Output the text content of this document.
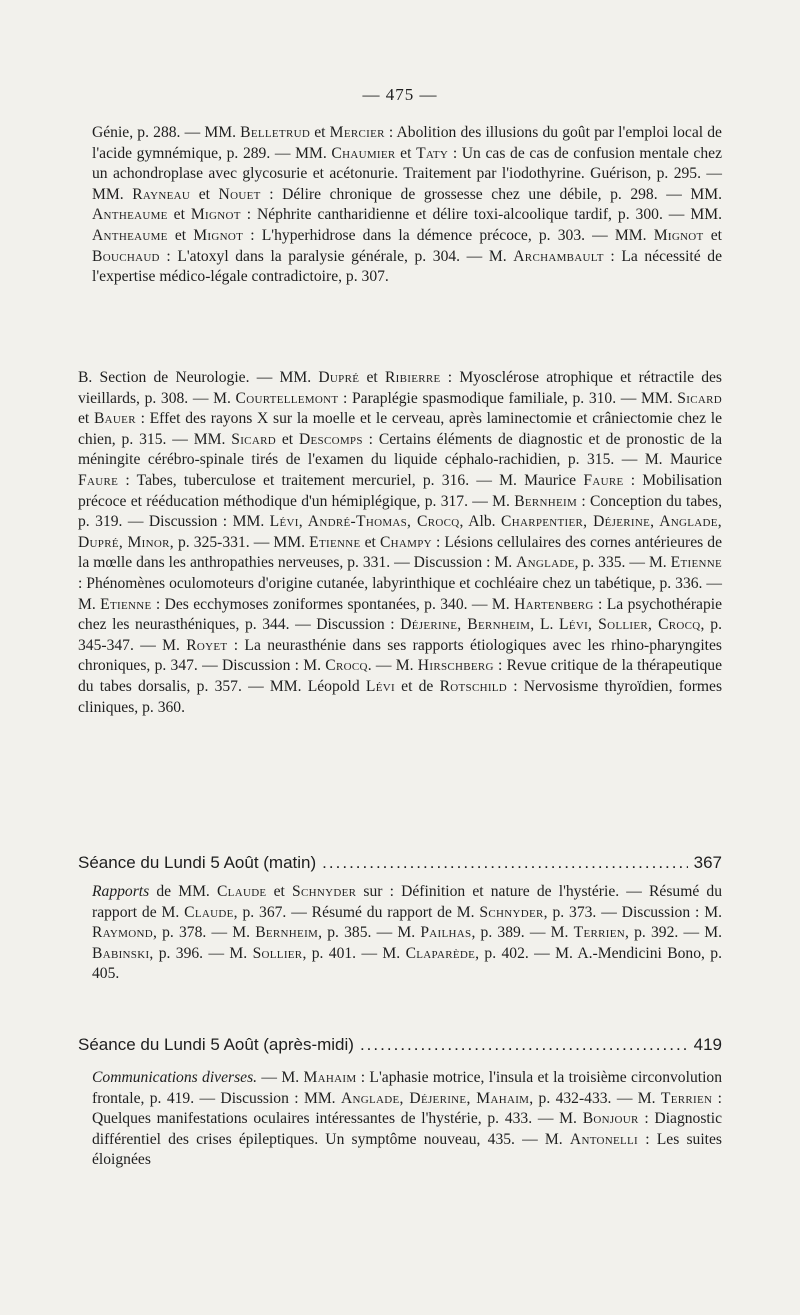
— 475 —
Génie, p. 288. — MM. Belletrud et Mercier : Abolition des illusions du goût par l'emploi local de l'acide gymnémique, p. 289. — MM. Chaumier et Taty : Un cas de cas de confusion mentale chez un achondroplase avec glycosurie et acétonurie. Traitement par l'iodothyrine. Guérison, p. 295. — MM. Rayneau et Nouet : Délire chronique de grossesse chez une débile, p. 298. — MM. Antheaume et Mignot : Néphrite cantharidienne et délire toxi-alcoolique tardif, p. 300. — MM. Antheaume et Mignot : L'hyperhidrose dans la démence précoce, p. 303. — MM. Mignot et Bouchaud : L'atoxyl dans la paralysie générale, p. 304. — M. Archambault : La nécessité de l'expertise médico-légale contradictoire, p. 307.
B. Section de Neurologie. — MM. Dupré et Ribierre : Myosclérose atrophique et rétractile des vieillards, p. 308. — M. Courtellemont : Paraplégie spasmodique familiale, p. 310. — MM. Sicard et Bauer : Effet des rayons X sur la moelle et le cerveau, après laminectomie et crâniectomie chez le chien, p. 315. — MM. Sicard et Descomps : Certains éléments de diagnostic et de pronostic de la méningite cérébro-spinale tirés de l'examen du liquide céphalo-rachidien, p. 315. — M. Maurice Faure : Tabes, tuberculose et traitement mercuriel, p. 316. — M. Maurice Faure : Mobilisation précoce et rééducation méthodique d'un hémiplégique, p. 317. — M. Bernheim : Conception du tabes, p. 319. — Discussion : MM. Lévi, André-Thomas, Crocq, Alb. Charpentier, Déjerine, Anglade, Dupré, Minor, p. 325-331. — MM. Etienne et Champy : Lésions cellulaires des cornes antérieures de la mœlle dans les anthropathies nerveuses, p. 331. — Discussion : M. Anglade, p. 335. — M. Etienne : Phénomènes oculomoteurs d'origine cutanée, labyrinthique et cochléaire chez un tabétique, p. 336. — M. Etienne : Des ecchymoses zoniformes spontanées, p. 340. — M. Hartenberg : La psychothérapie chez les neurasthéniques, p. 344. — Discussion : Déjerine, Bernheim, L. Lévi, Sollier, Crocq, p. 345-347. — M. Royet : La neurasthénie dans ses rapports étiologiques avec les rhino-pharyngites chroniques, p. 347. — Discussion : M. Crocq. — M. Hirschberg : Revue critique de la thérapeutique du tabes dorsalis, p. 357. — MM. Léopold Lévi et de Rotschild : Nervosisme thyroïdien, formes cliniques, p. 360.
Séance du Lundi 5 Août (matin) .....	367
Rapports de MM. Claude et Schnyder sur : Définition et nature de l'hystérie. — Résumé du rapport de M. Claude, p. 367. — Résumé du rapport de M. Schnyder, p. 373. — Discussion : M. Raymond, p. 378. — M. Bernheim, p. 385. — M. Pailhas, p. 389. — M. Terrien, p. 392. — M. Babinski, p. 396. — M. Sollier, p. 401. — M. Claparède, p. 402. — M. A.-Mendicini Bono, p. 405.
Séance du Lundi 5 Août (après-midi) .....	419
Communications diverses. — M. Mahaim : L'aphasie motrice, l'insula et la troisième circonvolution frontale, p. 419. — Discussion : MM. Anglade, Déjerine, Mahaim, p. 432-433. — M. Terrien : Quelques manifestations oculaires intéressantes de l'hystérie, p. 433. — M. Bonjour : Diagnostic différentiel des crises épileptiques. Un symptôme nouveau, 435. — M. Antonelli : Les suites éloignées
